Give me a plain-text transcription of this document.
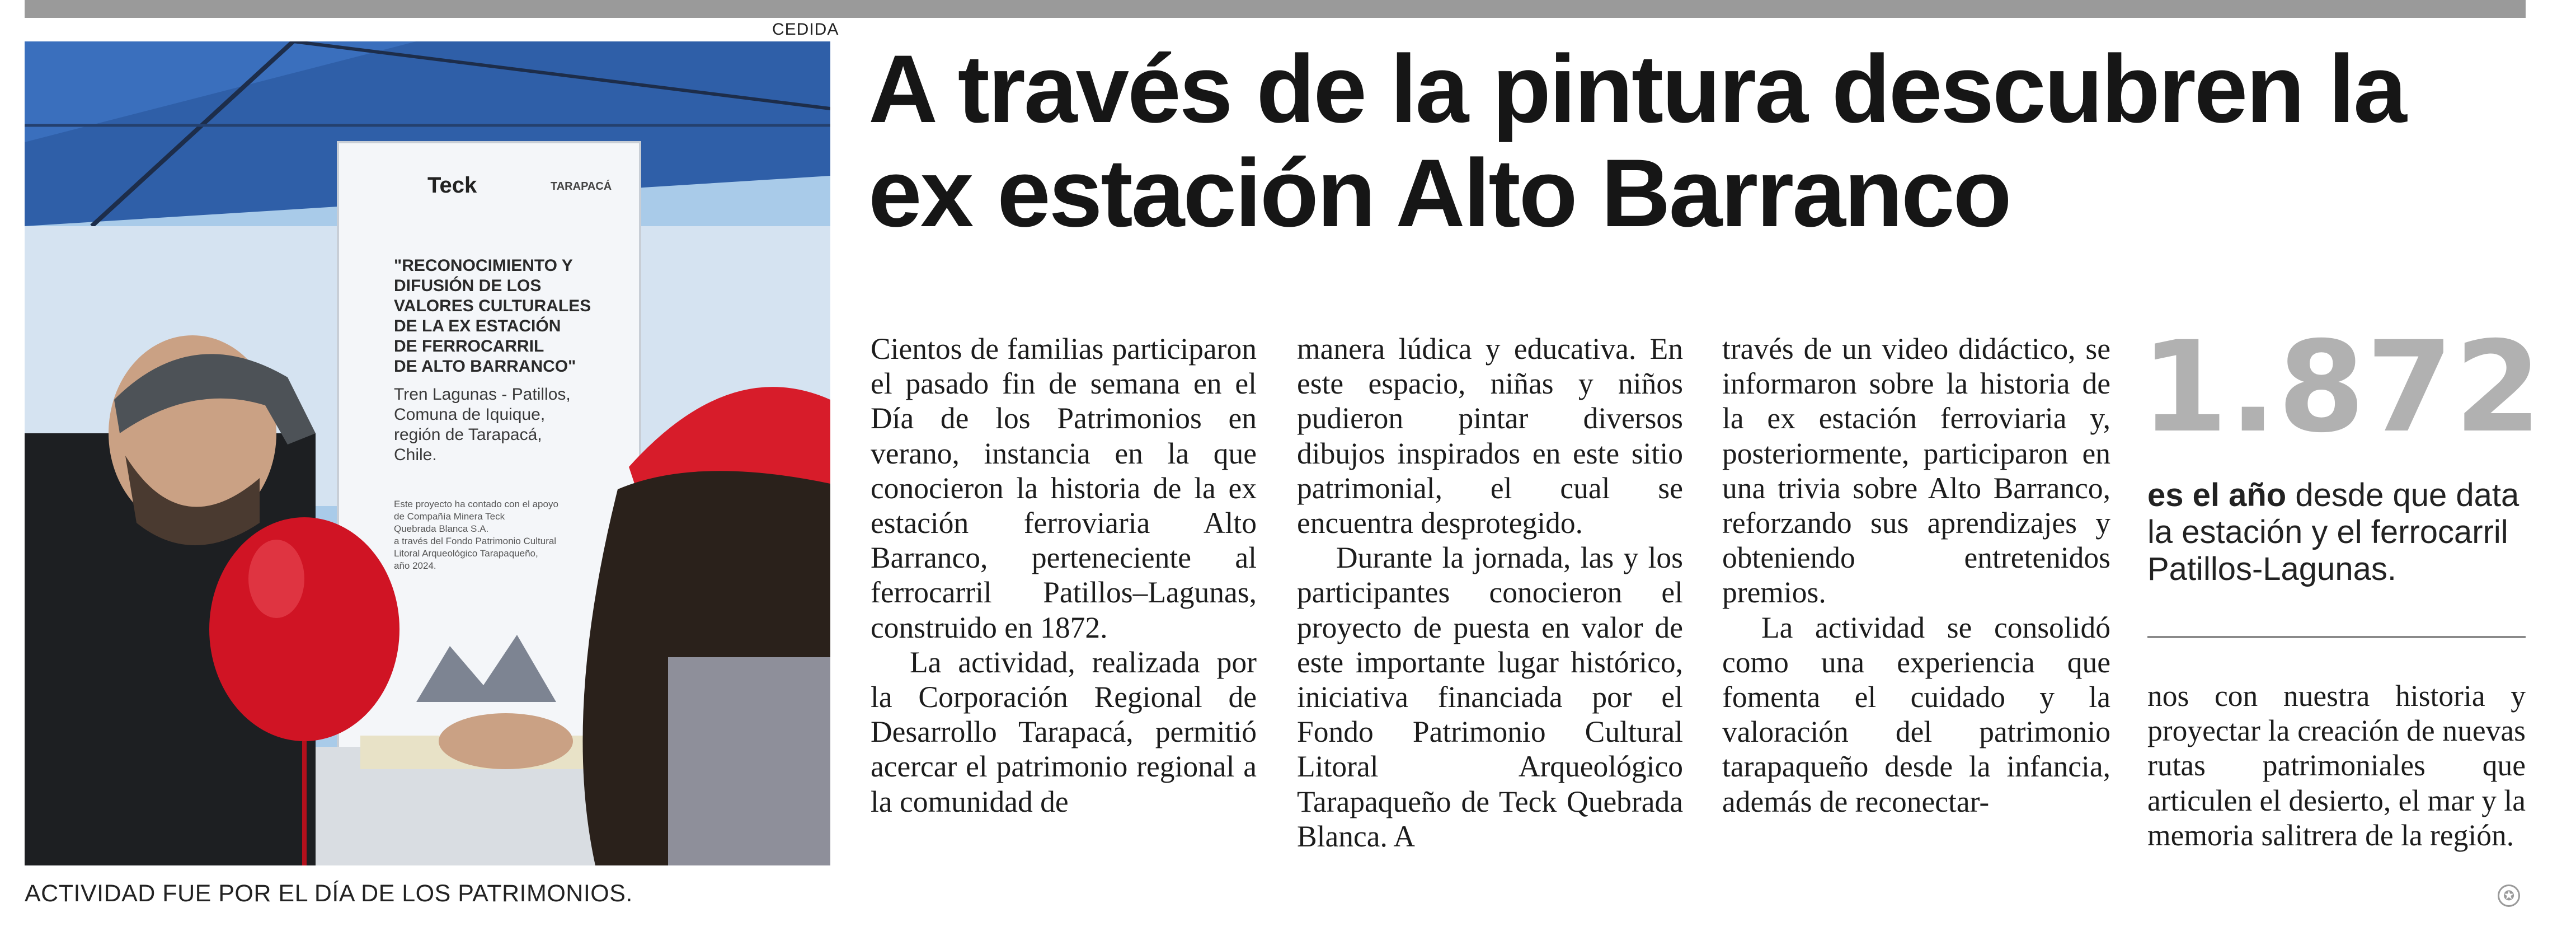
CEDIDA
Teck	TARAPACÁ
"RECONOCIMIENTO Y
DIFUSIÓN DE LOS
VALORES CULTURALES
DE LA EX ESTACIÓN
DE FERROCARRIL
DE ALTO BARRANCO"
Tren Lagunas - Patillos,
Comuna de Iquique,
región de Tarapacá,
Chile.
Este proyecto ha contado con el apoyo
de Compañía Minera Teck
Quebrada Blanca S.A.
a través del Fondo Patrimonio Cultural
Litoral Arqueológico Tarapaqueño,
año 2024.
ACTIVIDAD FUE POR EL DÍA DE LOS PATRIMONIOS.
A través de la pintura descubren la
ex estación Alto Barranco

Cientos de familias participaron el pasado fin de semana en el Día de los Patrimonios en verano, instancia en la que conocieron la historia de la ex estación ferroviaria Alto Barranco, perteneciente al ferrocarril Patillos–Lagunas, construido en 1872.

La actividad, realizada por la Corporación Regional de Desarrollo Tarapacá, permitió acercar el patrimonio regional a la comunidad de

manera lúdica y educativa. En este espacio, niñas y niños pudieron pintar diversos dibujos inspirados en este sitio patrimonial, el cual se encuentra desprotegido.

Durante la jornada, las y los participantes conocieron el proyecto de puesta en valor de este importante lugar histórico, iniciativa financiada por el Fondo Patrimonio Cultural Litoral Arqueológico Tarapaqueño de Teck Quebrada Blanca. A

través de un video didáctico, se informaron sobre la historia de la ex estación ferroviaria y, posteriormente, participaron en una trivia sobre Alto Barranco, reforzando sus aprendizajes y obteniendo entretenidos premios.

La actividad se consolidó como una experiencia que fomenta el cuidado y la valoración del patrimonio tarapaqueño desde la infancia, además de reconectar-

1.872
es el año desde que data la estación y el ferrocarril Patillos-Lagunas.

nos con nuestra historia y proyectar la creación de nuevas rutas patrimoniales que articulen el desierto, el mar y la memoria salitrera de la región.

✪
